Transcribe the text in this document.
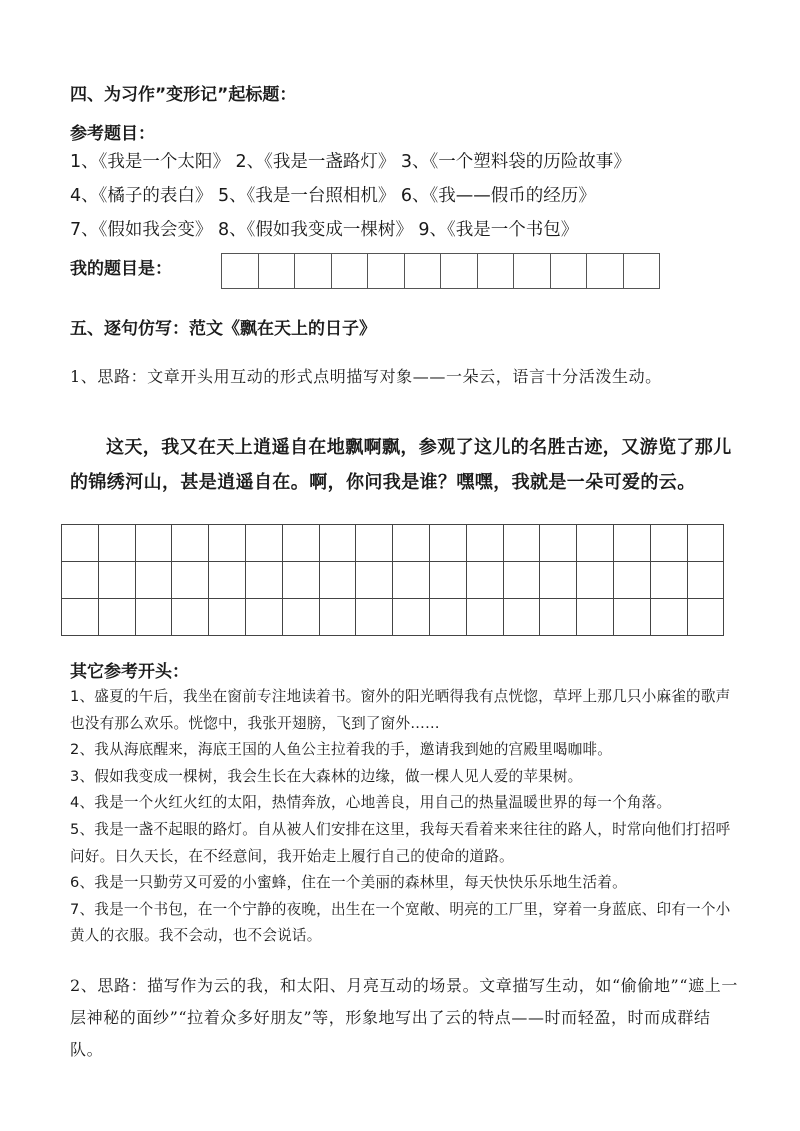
四、为习作”变形记”起标题：
参考题目：
1、《我是一个太阳》 2、《我是一盏路灯》 3、《一个塑料袋的历险故事》
4、《橘子的表白》 5、《我是一台照相机》 6、《我——假币的经历》
7、《假如我会变》 8、《假如我变成一棵树》 9、《我是一个书包》
我的题目是：
五、逐句仿写：范文《飘在天上的日子》
1、思路：文章开头用互动的形式点明描写对象——一朵云，语言十分活泼生动。
这天，我又在天上逍遥自在地飘啊飘，参观了这儿的名胜古迹，又游览了那儿的锦绣河山，甚是逍遥自在。啊，你问我是谁？嘿嘿，我就是一朵可爱的云。
其它参考开头：
1、盛夏的午后，我坐在窗前专注地读着书。窗外的阳光晒得我有点恍惚，草坪上那几只小麻雀的歌声也没有那么欢乐。恍惚中，我张开翅膀，飞到了窗外……
2、我从海底醒来，海底王国的人鱼公主拉着我的手，邀请我到她的宫殿里喝咖啡。
3、假如我变成一棵树，我会生长在大森林的边缘，做一棵人见人爱的苹果树。
4、我是一个火红火红的太阳，热情奔放，心地善良，用自己的热量温暖世界的每一个角落。
5、我是一盏不起眼的路灯。自从被人们安排在这里，我每天看着来来往往的路人，时常向他们打招呼问好。日久天长，在不经意间，我开始走上履行自己的使命的道路。
6、我是一只勤劳又可爱的小蜜蜂，住在一个美丽的森林里，每天快快乐乐地生活着。
7、我是一个书包，在一个宁静的夜晚，出生在一个宽敞、明亮的工厂里，穿着一身蓝底、印有一个小黄人的衣服。我不会动，也不会说话。
2、思路：描写作为云的我，和太阳、月亮互动的场景。文章描写生动，如“偷偷地”“遮上一层神秘的面纱”“拉着众多好朋友”等，形象地写出了云的特点——时而轻盈，时而成群结队。
